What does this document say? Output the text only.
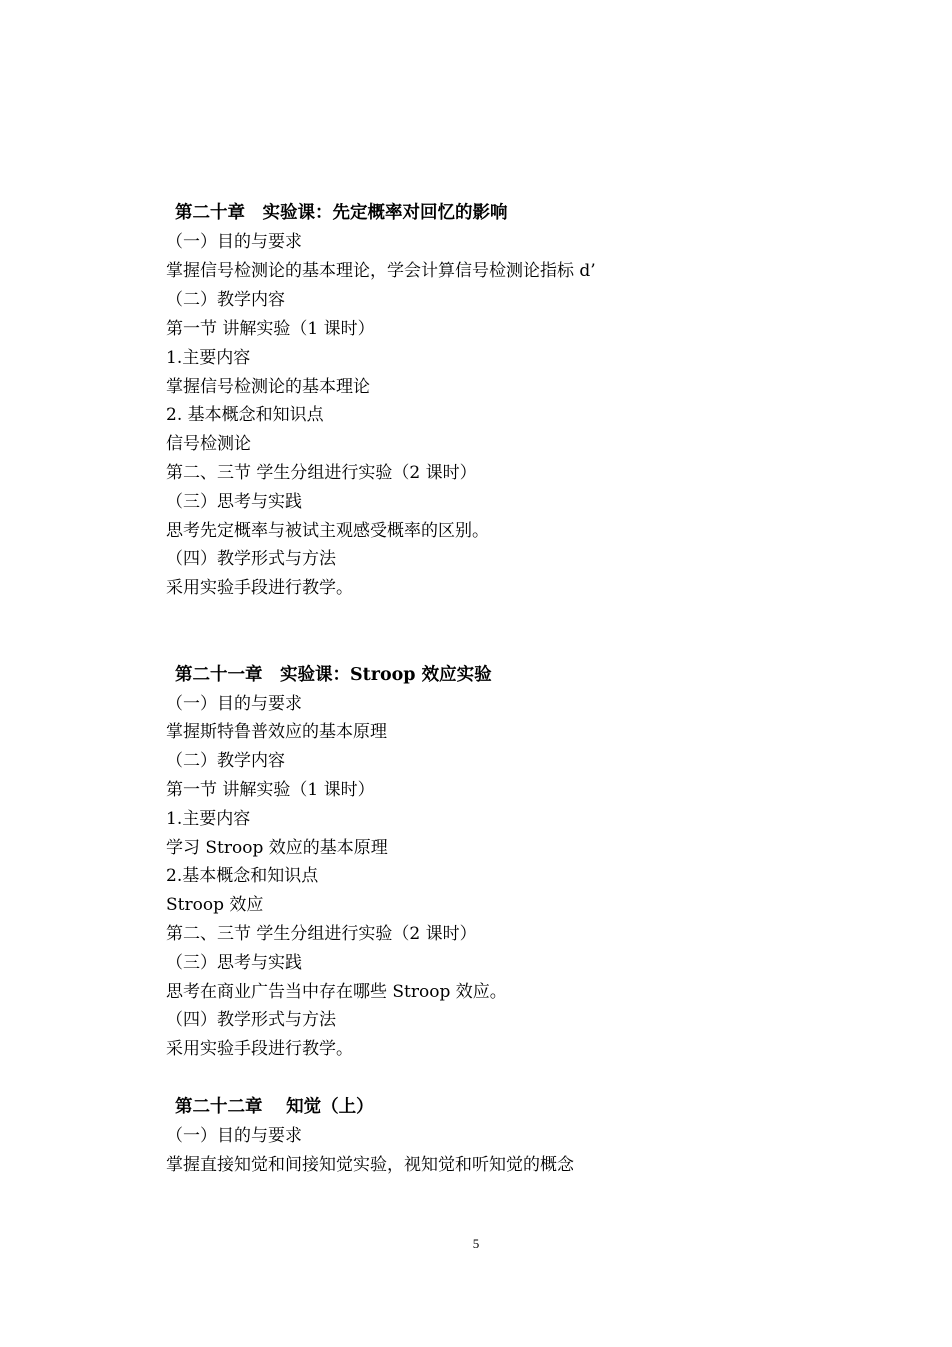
第二十章　实验课：先定概率对回忆的影响
（一）目的与要求
掌握信号检测论的基本理论，学会计算信号检测论指标 d’
（二）教学内容
第一节 讲解实验（1 课时）
1.主要内容
掌握信号检测论的基本理论
2. 基本概念和知识点
信号检测论
第二、三节 学生分组进行实验（2 课时）
（三）思考与实践
思考先定概率与被试主观感受概率的区别。
（四）教学形式与方法
采用实验手段进行教学。
第二十一章　实验课：Stroop 效应实验
（一）目的与要求
掌握斯特鲁普效应的基本原理
（二）教学内容
第一节 讲解实验（1 课时）
1.主要内容
学习 Stroop 效应的基本原理
2.基本概念和知识点
Stroop 效应
第二、三节 学生分组进行实验（2 课时）
（三）思考与实践
思考在商业广告当中存在哪些 Stroop 效应。
（四）教学形式与方法
采用实验手段进行教学。
第二十二章　 知觉（上）
（一）目的与要求
掌握直接知觉和间接知觉实验，视知觉和听知觉的概念
5
